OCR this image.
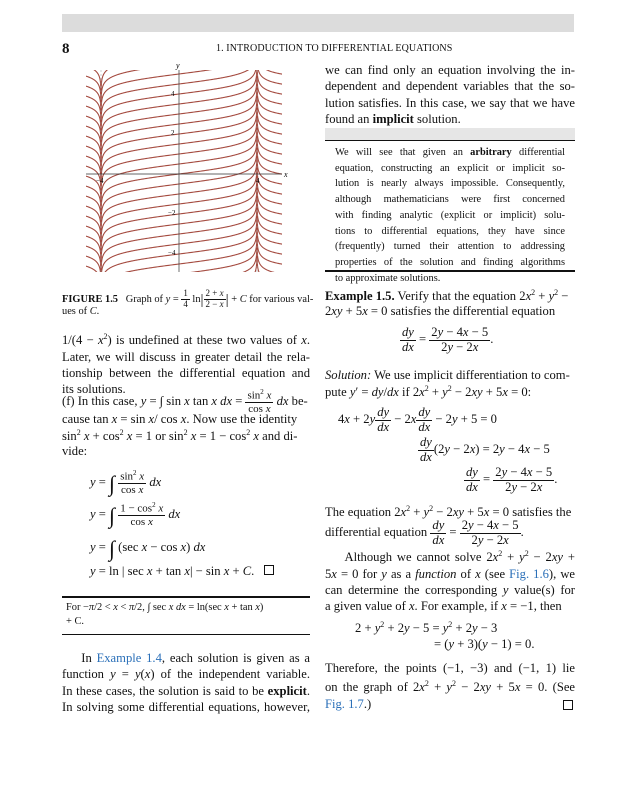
8	1. INTRODUCTION TO DIFFERENTIAL EQUATIONS
x
y
4
2
−2
−4
−4	4
FIGURE 1.5 Graph of $y = \frac{1}{4} \ln| \frac{2 + x}{2 - x}$ | + C for various val-
ues of C.
$1/(4 - x^2)$ is undefined at these two values of x.
Later, we will discuss in greater detail the rela-
tionship between the differential equation and
its solutions.
(f) In this case, y = ∫ sin x tan x dx = $\frac{\sin^2 x}{\text{cos x}}$ dx be-
cause tan x = sin x/ cos x. Now use the identity
$\sin^2 x + \cos^2 x = 1$ or $\sin^2 x = 1 - \cos^2 x$ and di-
vide:
y = ∫ $\frac{\sin^2 x}{\text{cos x}}$ dx
y = ∫ $\frac{1 - \cos^2 x}{\text{cos x}}$ dx
y = ∫ (sec x − cos x) dx
y = ln | sec x + tan x| − sin x + C.
For −π/2 < x < π/2, ∫ sec x dx = ln(sec x + tan x)
+ C.
In Example 1.4, each solution is given as a
function y = y(x) of the independent variable.
In these cases, the solution is said to be explicit.
In solving some differential equations, however,
we can find only an equation involving the in-
dependent and dependent variables that the so-
lution satisfies. In this case, we say that we have
found an implicit solution.
We will see that given an arbitrary differential
equation, constructing an explicit or implicit so-
lution is nearly always impossible. Consequently,
although mathematicians were first concerned
with finding analytic (explicit or implicit) solu-
tions to differential equations, they have since
(frequently) turned their attention to addressing
properties of the solution and finding algorithms
to approximate solutions.
Example 1.5. Verify that the equation $2x^2 + y^2$ −
2xy + 5x = 0 satisfies the differential equation
$\frac{dy}{dx} = \frac{2y - 4x - 5}{2y - 2x}$ .
Solution: We use implicit differentiation to com-
pute y′ = dy/dx if $2x^2 + y^2 - 2xy + 5x = 0$:
$4x + 2y \frac{dy}{dx} - 2x \frac{dy}{dx} - 2y + 5 = 0$
$\frac{dy}{dx} (2y - 2x) = 2y - 4x - 5$
$\frac{dy}{dx} = \frac{2y - 4x - 5}{2y - 2x}$ .
The equation $2x^2 + y^2 - 2xy + 5x = 0$ satisfies the
differential equation $\frac{dy}{dx} = \frac{2y - 4x - 5}{2y - 2x}$ .
Although we cannot solve $2x^2 + y^2 - 2xy$ +
5x = 0 for y as a function of x (see Fig. 1.6), we
can determine the corresponding y value(s) for
a given value of x. For example, if x = −1, then
$2 + y^2 + 2y - 5 = y^2 + 2y - 3$
= (y + 3)(y − 1) = 0.
Therefore, the points (−1, −3) and (−1, 1) lie
on the graph of $2x^2 + y^2 - 2xy + 5x = 0$. (See
Fig. 1.7.)
